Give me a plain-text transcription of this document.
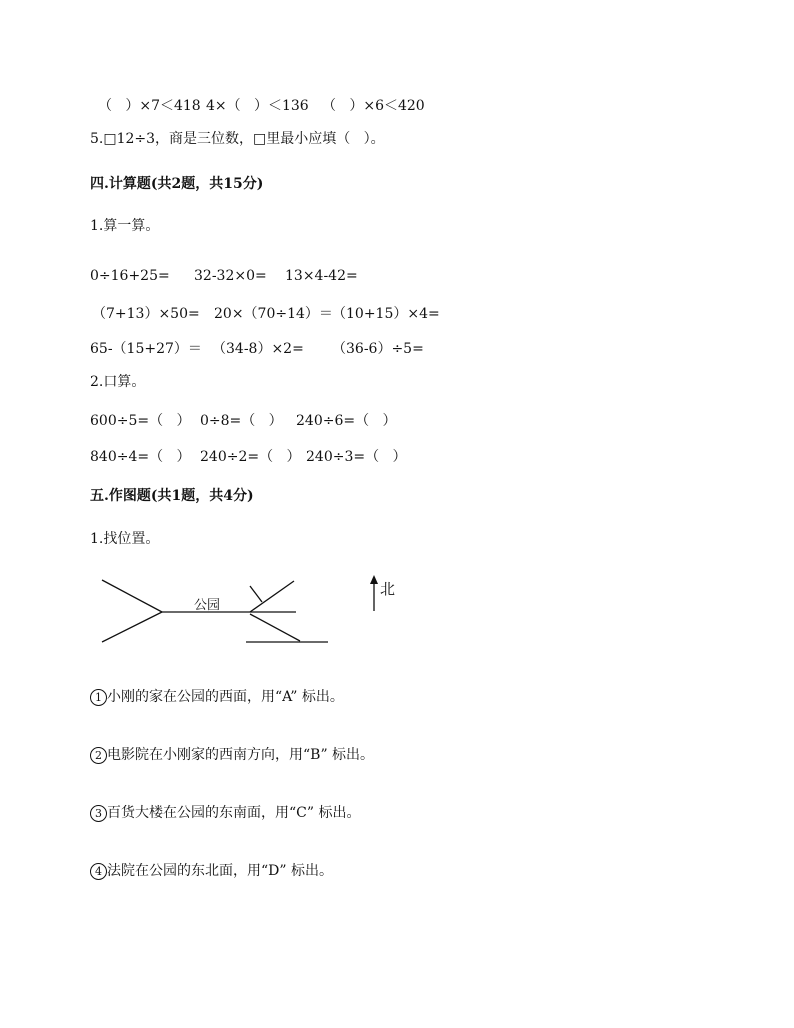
（   ）×7＜418 4×（   ）＜136 （   ）×6＜420
5.□12÷3，商是三位数，□里最小应填（   ）。
四.计算题(共2题，共15分)
1.算一算。
0÷16+25= 32-32×0= 13×4-42=
（7+13）×50= 20×（70÷14）＝ （10+15）×4=
65-（15+27）＝ （34-8）×2= （36-6）÷5=
2.口算。
600÷5=（   ） 0÷8=（   ） 240÷6=（   ）
840÷4=（   ） 240÷2=（   ） 240÷3=（   ）
五.作图题(共1题，共4分)
1.找位置。
公园
北
1 小刚的家在公园的西面，用“A” 标出。
2 电影院在小刚家的西南方向，用“B” 标出。
3 百货大楼在公园的东南面，用“C” 标出。
4 法院在公园的东北面，用“D” 标出。
